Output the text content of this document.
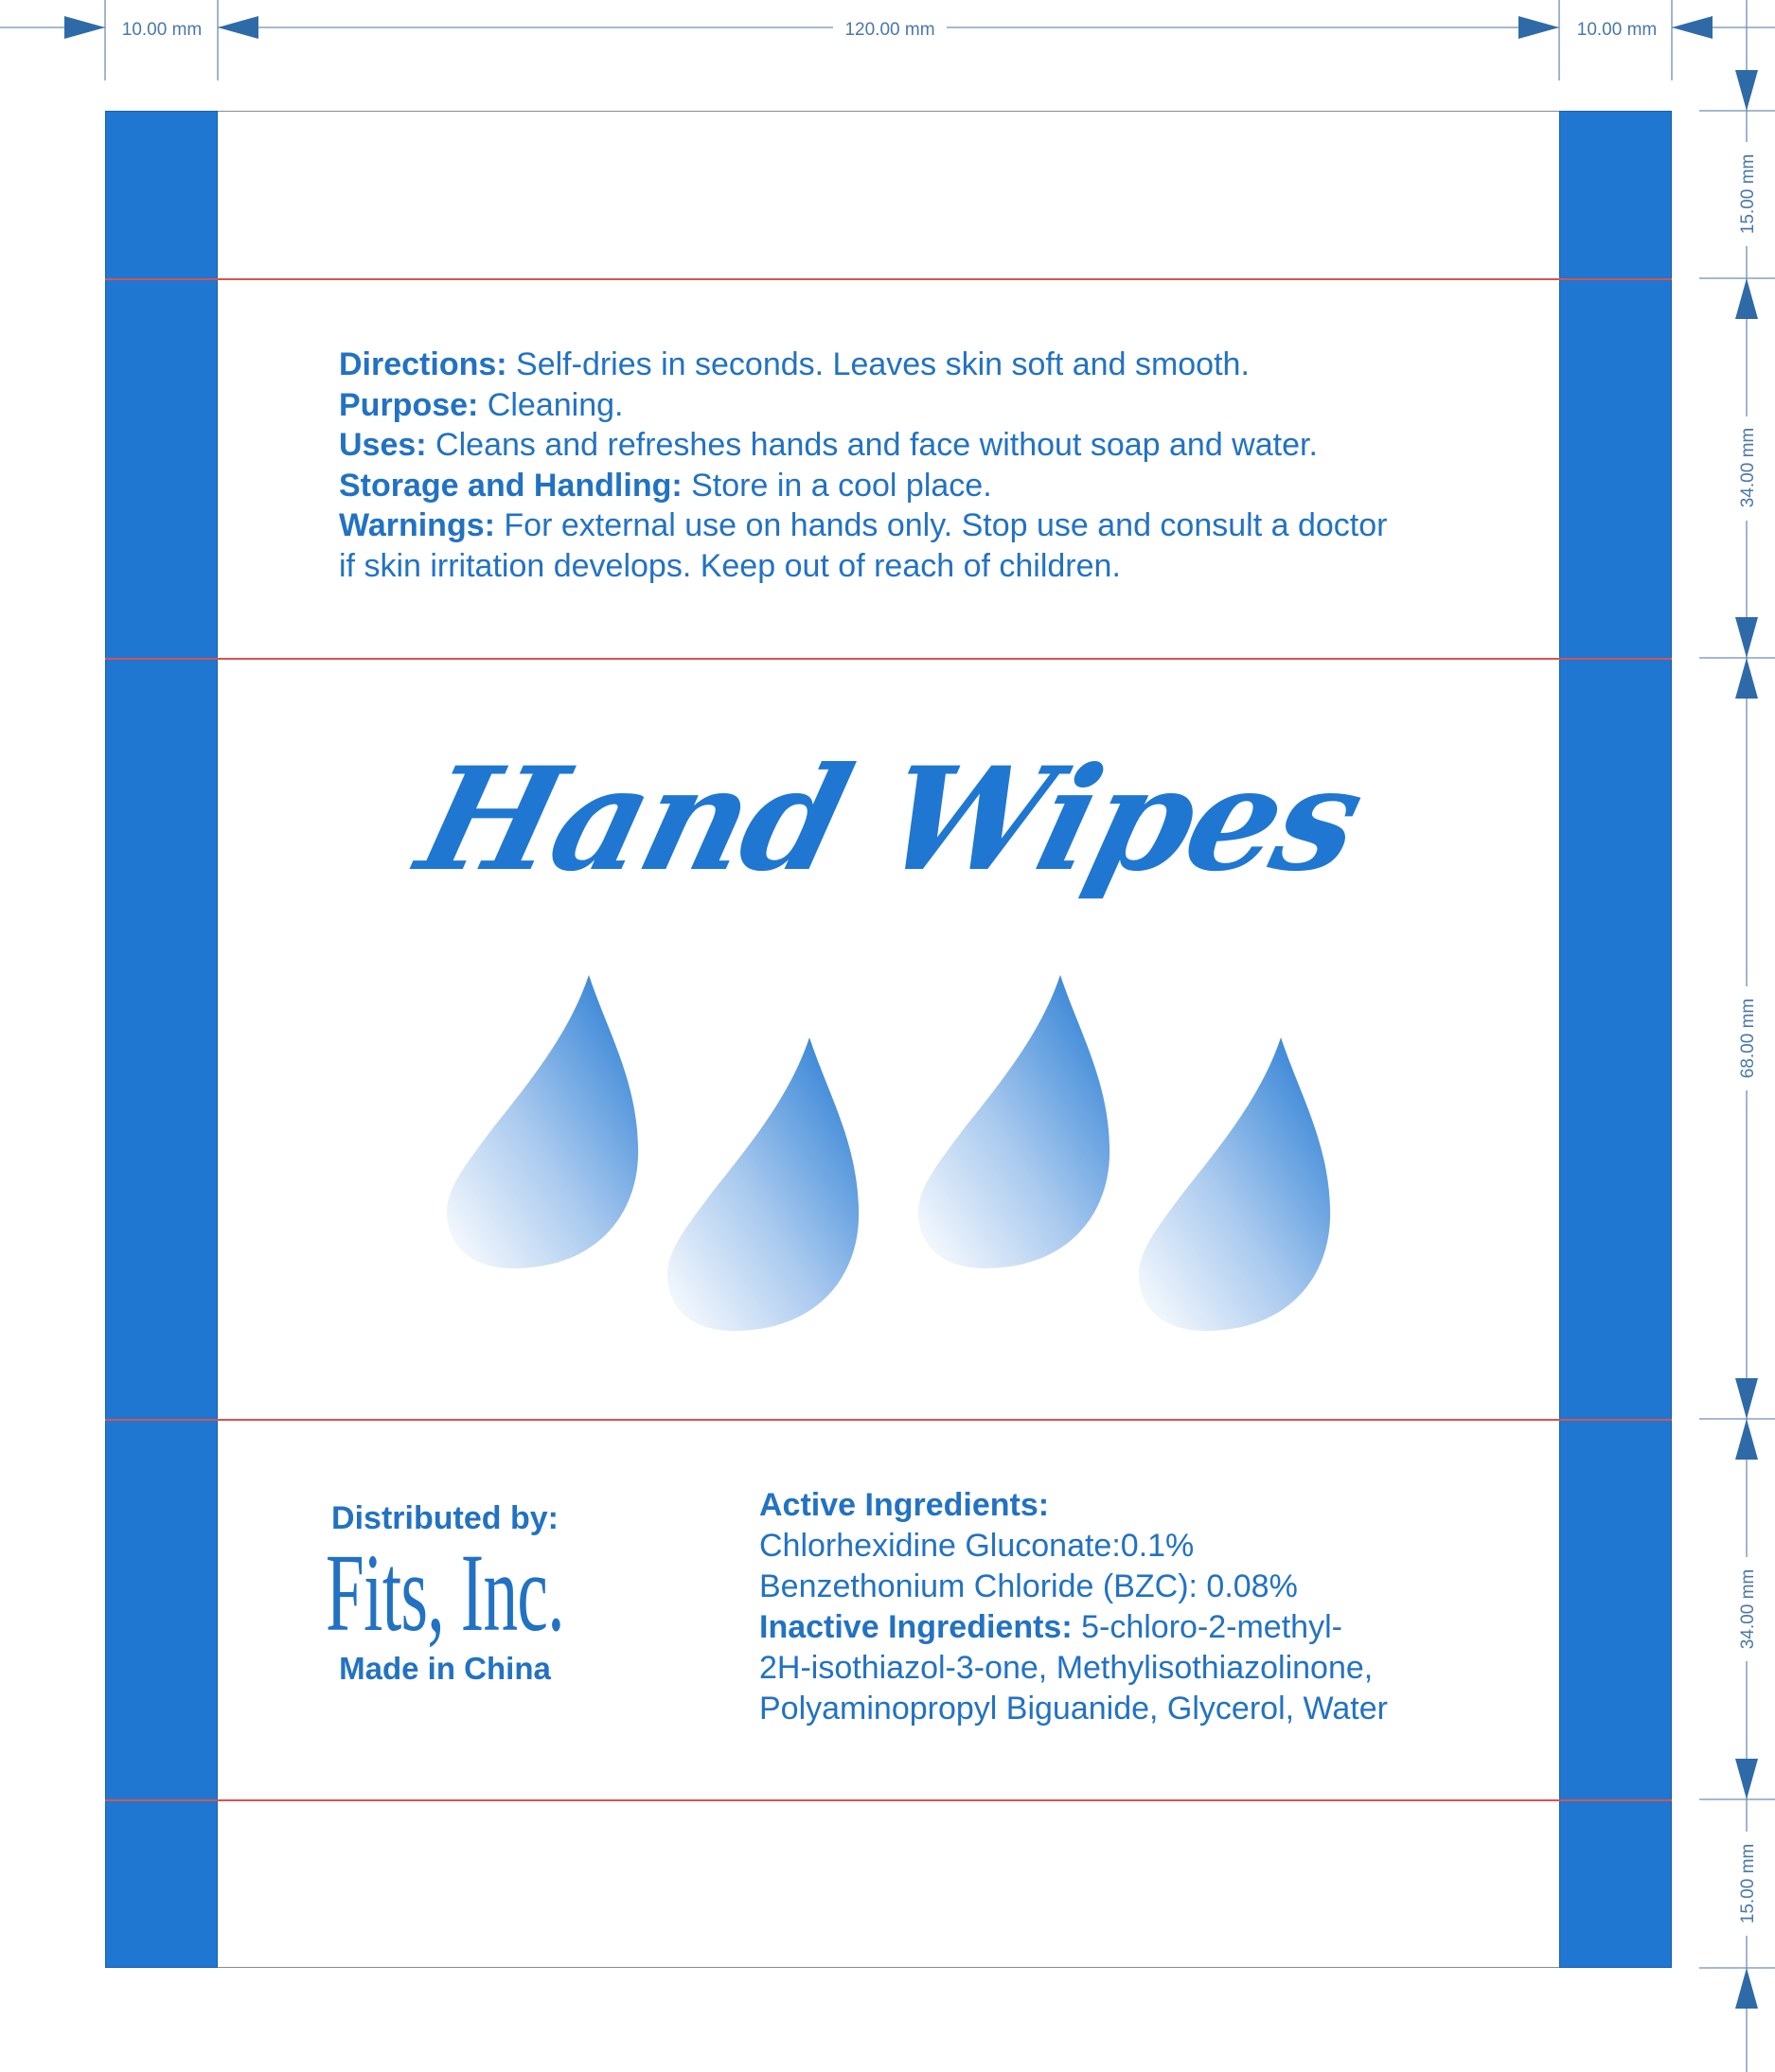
10.00 mm	120.00 mm	10.00 mm
15.00 mm
34.00 mm
68.00 mm
34.00 mm
15.00 mm
Directions: Self-dries in seconds. Leaves skin soft and smooth.
Purpose: Cleaning.
Uses: Cleans and refreshes hands and face without soap and water.
Storage and Handling: Store in a cool place.
Warnings: For external use on hands only. Stop use and consult a doctor
if skin irritation develops. Keep out of reach of children.
Hand Wipes
Distributed by:
Fits, Inc.
Made in China
Active Ingredients:
Chlorhexidine Gluconate:0.1%
Benzethonium Chloride (BZC): 0.08%
Inactive Ingredients: 5-chloro-2-methyl-
2H-isothiazol-3-one, Methylisothiazolinone,
Polyaminopropyl Biguanide, Glycerol, Water
